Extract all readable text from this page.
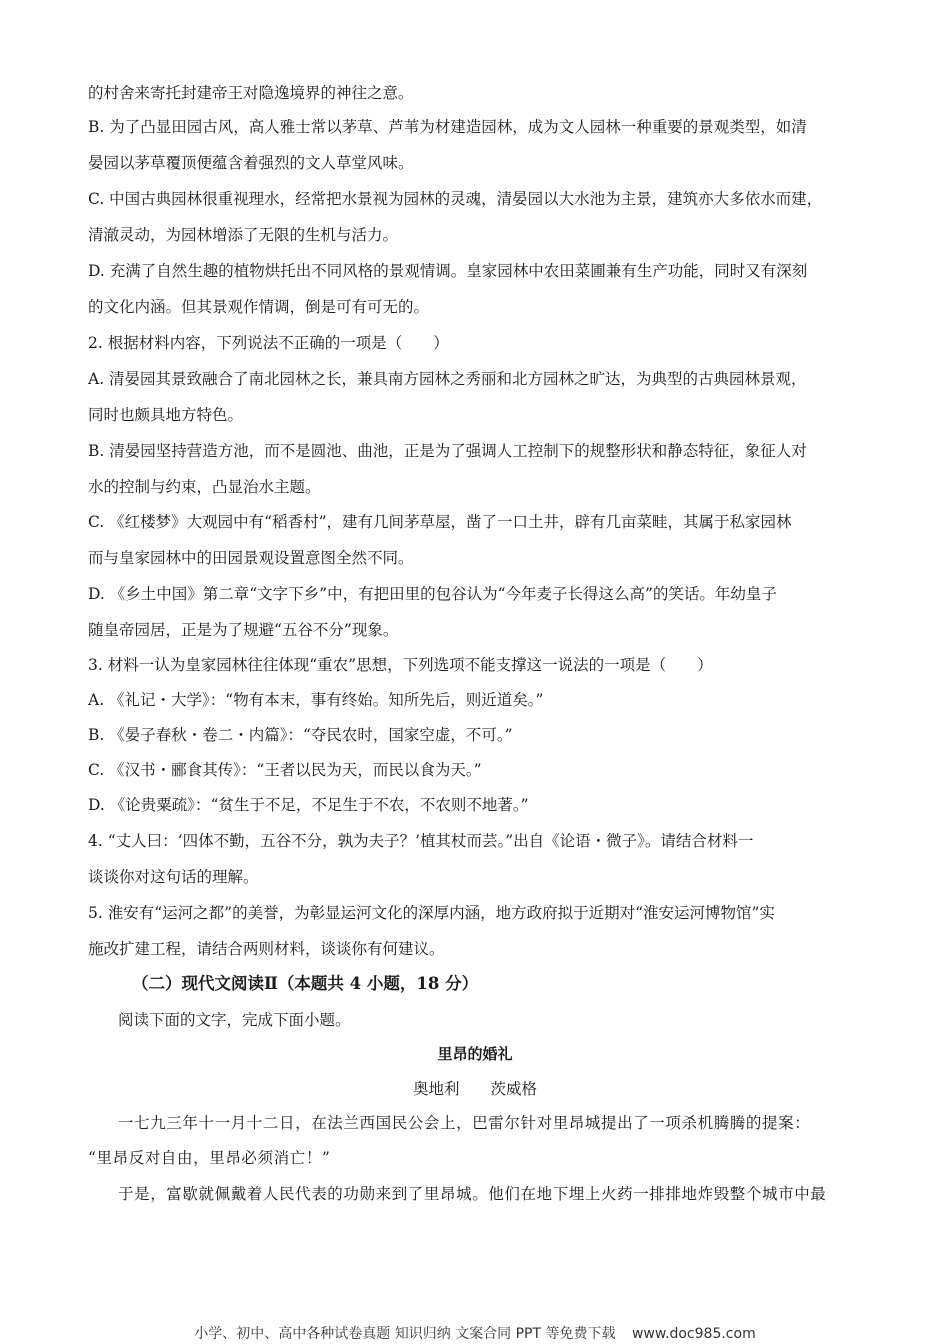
的村舍来寄托封建帝王对隐逸境界的神往之意。
B. 为了凸显田园古风，高人雅士常以茅草、芦苇为材建造园林，成为文人园林一种重要的景观类型，如清
晏园以茅草覆顶便蕴含着强烈的文人草堂风味。
C. 中国古典园林很重视理水，经常把水景视为园林的灵魂，清晏园以大水池为主景，建筑亦大多依水而建，
清澈灵动，为园林增添了无限的生机与活力。
D. 充满了自然生趣的植物烘托出不同风格的景观情调。皇家园林中农田菜圃兼有生产功能，同时又有深刻
的文化内涵。但其景观作情调，倒是可有可无的。
2. 根据材料内容，下列说法不正确的一项是（　　）
A. 清晏园其景致融合了南北园林之长，兼具南方园林之秀丽和北方园林之旷达，为典型的古典园林景观，
同时也颇具地方特色。
B. 清晏园坚持营造方池，而不是圆池、曲池，正是为了强调人工控制下的规整形状和静态特征，象征人对
水的控制与约束，凸显治水主题。
C. 《红楼梦》大观园中有“稻香村”，建有几间茅草屋，凿了一口土井，辟有几亩菜畦，其属于私家园林
而与皇家园林中的田园景观设置意图全然不同。
D. 《乡土中国》第二章“文字下乡”中，有把田里的包谷认为“今年麦子长得这么高”的笑话。年幼皇子
随皇帝园居，正是为了规避“五谷不分”现象。
3. 材料一认为皇家园林往往体现“重农”思想，下列选项不能支撑这一说法的一项是（　　）
A. 《礼记・大学》：“物有本末，事有终始。知所先后，则近道矣。”
B. 《晏子春秋・卷二・内篇》：“夺民农时，国家空虚，不可。”
C. 《汉书・郦食其传》：“王者以民为天，而民以食为天。”
D. 《论贵粟疏》：“贫生于不足，不足生于不农，不农则不地著。”
4. “丈人曰：‘四体不勤，五谷不分，孰为夫子？’植其杖而芸。”出自《论语・微子》。请结合材料一
谈谈你对这句话的理解。
5. 淮安有“运河之都”的美誉，为彰显运河文化的深厚内涵，地方政府拟于近期对“淮安运河博物馆”实
施改扩建工程，请结合两则材料，谈谈你有何建议。
（二）现代文阅读Ⅱ（本题共 4 小题，18 分）
阅读下面的文字，完成下面小题。
里昂的婚礼
奥地利　　茨威格
一七九三年十一月十二日，在法兰西国民公会上，巴雷尔针对里昂城提出了一项杀机腾腾的提案：
“里昂反对自由，里昂必须消亡！”
于是，富歇就佩戴着人民代表的功勋来到了里昂城。他们在地下埋上火药一排排地炸毁整个城市中最
小学、初中、高中各种试卷真题 知识归纳 文案合同 PPT 等免费下载 www.doc985.com
